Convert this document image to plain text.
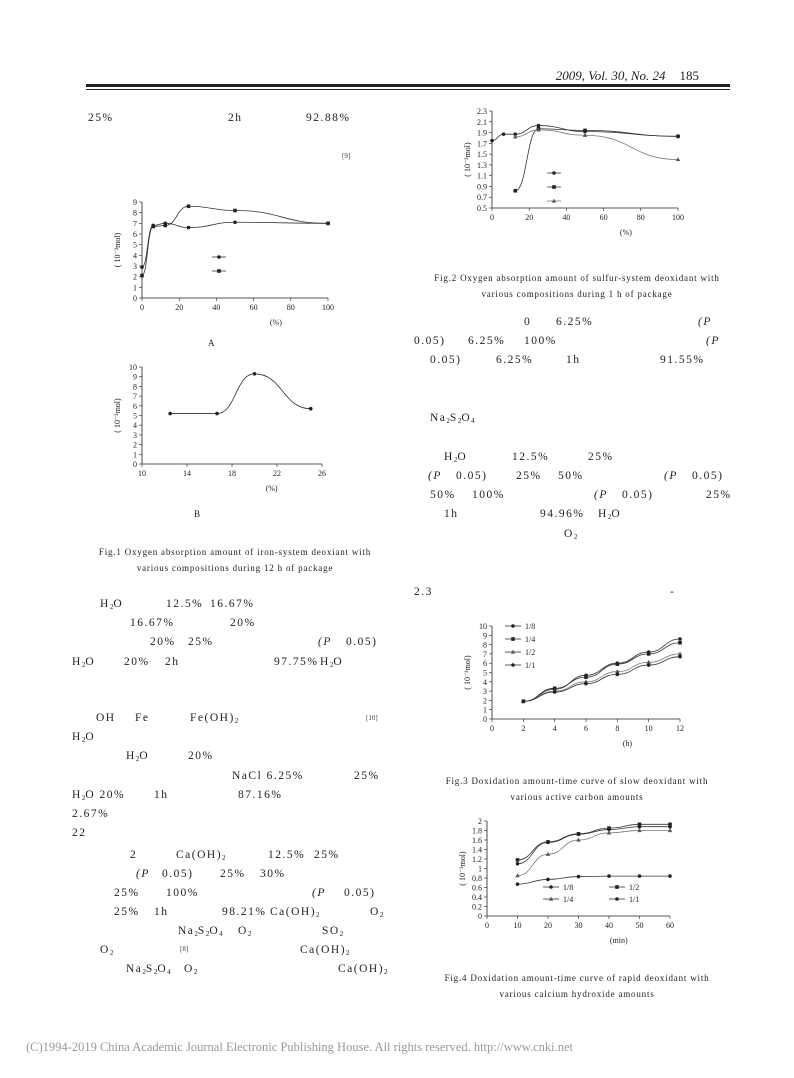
2009, Vol. 30, No. 24 185
25%	2h	92.88%
[9]
0	20	40	60	80	100
0
1
2
3
4
5
6
7
8
9
(%)
( 10⁻³mol)
A
10	14	18	22	26
0
1
2
3
4
5
6
7
8
9
10
(%)
( 10⁻³mol)
B
Fig.1 Oxygen absorption amount of iron-system deoxiant with
various compositions during 12 h of package
$H_2O$	12.5% 16.67%
16.67%	20%
20% 25%	(P 0.05)
$H_2O$	20% 2h	97.75% $H_2O$
OH Fe	$Fe(OH)_2$	[10]
$H_2O$
$H_2O$	20%
NaCl 6.25%	25%
$H_2O$ 20%	1h	87.16%
2.67%
22
2	$Ca(OH)_2$	12.5% 25%
(P 0.05) 25% 30%
25% 100%	(P 0.05)
25% 1h	98.21% $Ca(OH)_2$	$O_2$
$Na_2S_2O_4$ $O_2$	$SO_2$
$O_2$	[8]	$Ca(OH)_2$
$Na_2S_2O_4$ $O_2$	$Ca(OH)_2$
0	20	40	60	80	100
0.5
0.7
0.9
1.1
1.3
1.5
1.7
1.9
2.1
2.3
(%)
( 10⁻³mol)
Fig.2 Oxygen absorption amount of sulfur-system deoxidant with
various compositions during 1 h of package
0 6.25%	(P
0.05) 6.25% 100%	(P
0.05)	6.25%	1h	91.55%
$Na_2S_2O_4$
$H_2O$	12.5%	25%
(P 0.05) 25% 50%	(P 0.05)
50% 100%	(P 0.05)	25%
1h	94.96% $H_2O$
$O_2$
2.3	-
0	2	4	6	8	10	12
0
1
2
3
4
5
6
7
8
9
10
(h)
( 10⁻³mol)
1/8
1/4
1/2
1/1
Fig.3 Doxidation amount-time curve of slow deoxidant with
various active carbon amounts
0	10	20	30	40	50	60
0
0.2
0.4
0.6
0.8
1
1.2
1.4
1.6
1.8
2
(min)
( 10⁻³mol)
1/8	1/2
1/4	1/1
Fig.4 Doxidation amount-time curve of rapid deoxidant with
various calcium hydroxide amounts
(C)1994-2019 China Academic Journal Electronic Publishing House. All rights reserved. http://www.cnki.net
